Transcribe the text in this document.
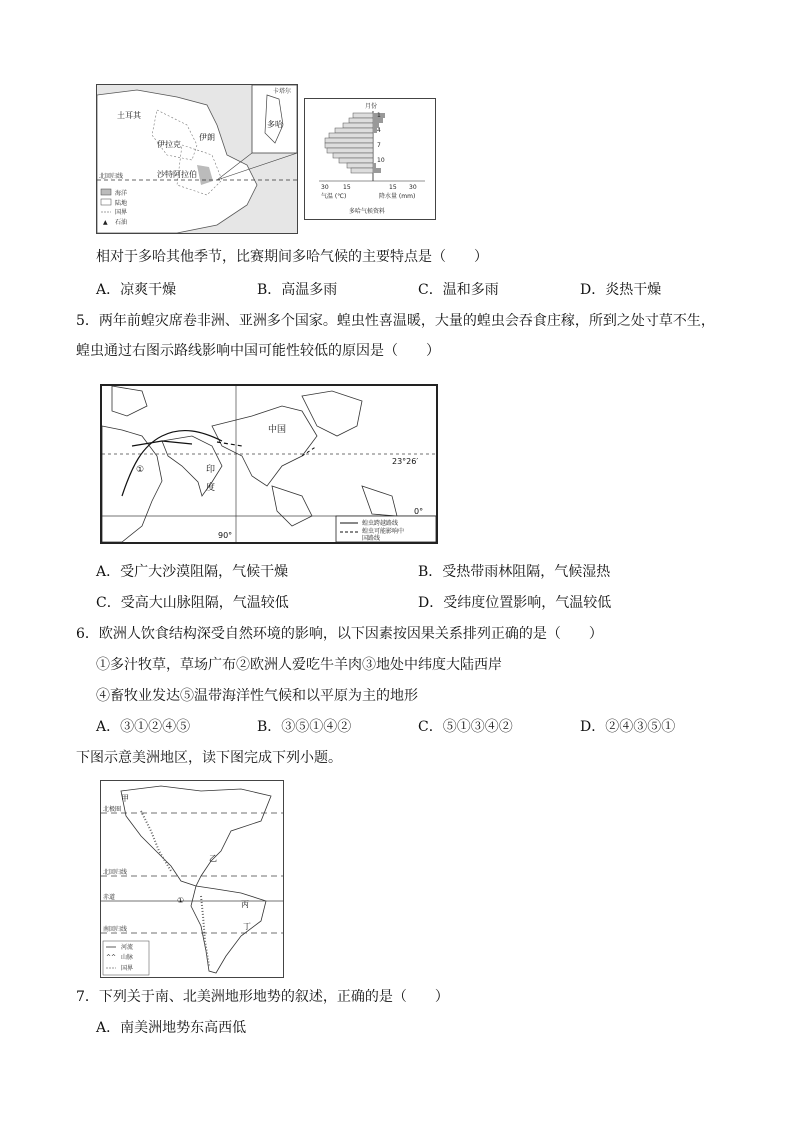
土耳其
伊拉克
伊朗
沙特阿拉伯
北回归线
卡塔尔
多哈
海洋
陆地
国界
▲ 石油
月份
1
4
7
10
30 15	15 30
气温 (℃)	降水量 (mm)
多哈气候资料
相对于多哈其他季节，比赛期间多哈气候的主要特点是（　　）
A．凉爽干燥	B．高温多雨	C．温和多雨	D．炎热干燥
5．两年前蝗灾席卷非洲、亚洲多个国家。蝗虫性喜温暖，大量的蝗虫会吞食庄稼，所到之处寸草不生，
蝗虫通过右图示路线影响中国可能性较低的原因是（　　）
中国
印
度
①
23°26′
0°
90°
蝗虫跨越路线
蝗虫可能影响中
国路线
A．受广大沙漠阻隔，气候干燥	B．受热带雨林阻隔，气候湿热
C．受高大山脉阻隔，气温较低	D．受纬度位置影响，气温较低
6．欧洲人饮食结构深受自然环境的影响，以下因素按因果关系排列正确的是（　　）
①多汁牧草，草场广布②欧洲人爱吃牛羊肉③地处中纬度大陆西岸
④畜牧业发达⑤温带海洋性气候和以平原为主的地形
A．③①②④⑤	B．③⑤①④②	C．⑤①③④②	D．②④③⑤①
下图示意美洲地区，读下图完成下列小题。
北极圈
甲
北回归线
乙
赤道	①	丙
南回归线	丁
河流
^^ 山脉
国界
7．下列关于南、北美洲地形地势的叙述，正确的是（　　）
A．南美洲地势东高西低
